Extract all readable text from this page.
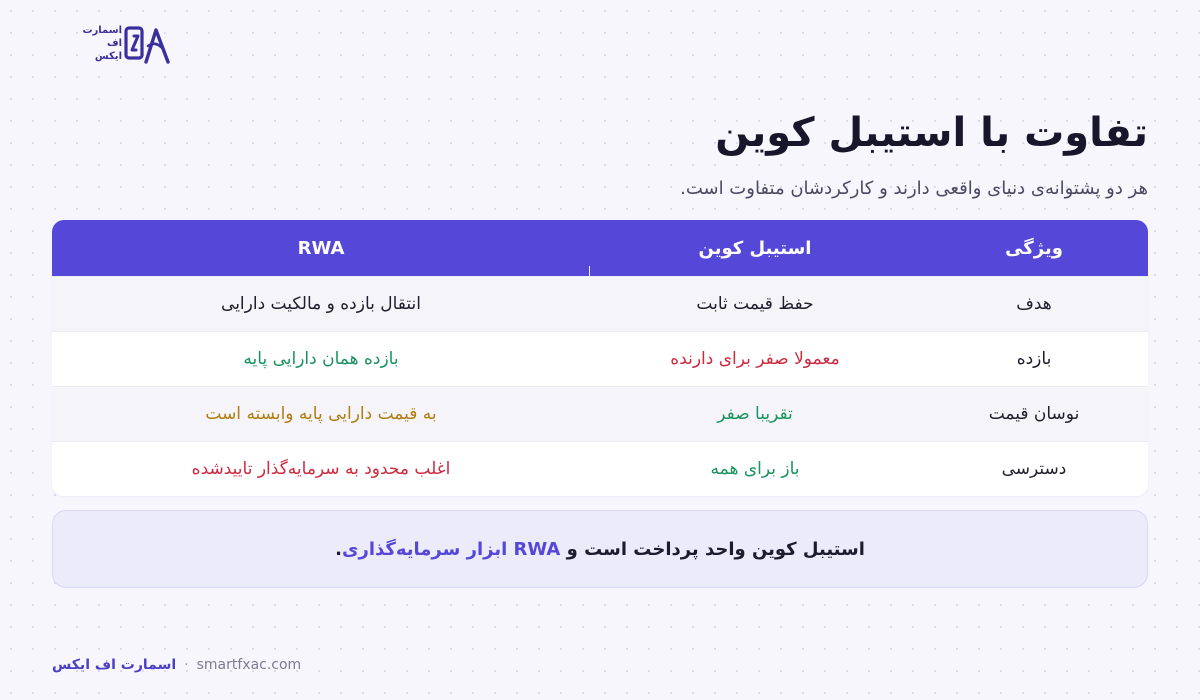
اسمارت
اف
ایکس
تفاوت با استیبل کوین

هر دو پشتوانه‌ی دنیای واقعی دارند و کارکردشان متفاوت است.

ویژگی
استیبل کوین
RWA
هدف
حفظ قیمت ثابت
انتقال بازده و مالکیت دارایی
بازده
معمولا صفر برای دارنده
بازده همان دارایی پایه
نوسان قیمت
تقریبا صفر
به قیمت دارایی پایه وابسته است
دسترسی
باز برای همه
اغلب محدود به سرمایه‌گذار تاییدشده
استیبل کوین واحد پرداخت است و

RWA ابزار سرمایه‌گذاری
.
اسمارت اف ایکس · smartfxac.com
